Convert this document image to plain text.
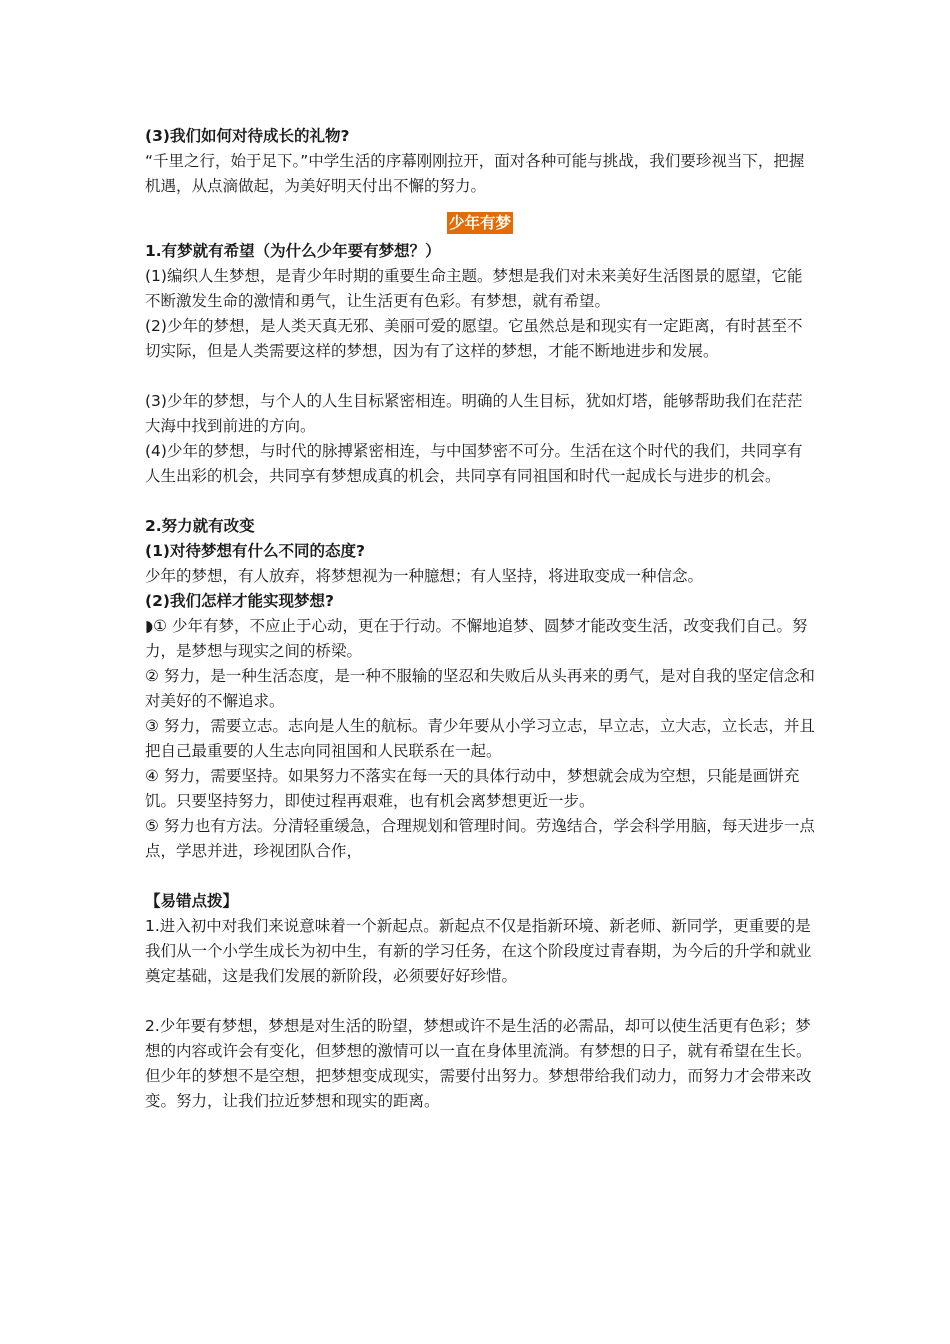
(3)我们如何对待成长的礼物?

“千里之行，始于足下。”中学生活的序幕刚刚拉开，面对各种可能与挑战，我们要珍视当下，把握机遇，从点滴做起，为美好明天付出不懈的努力。

少年有梦

1.有梦就有希望（为什么少年要有梦想？）

(1)编织人生梦想，是青少年时期的重要生命主题。梦想是我们对未来美好生活图景的愿望，它能不断激发生命的激情和勇气，让生活更有色彩。有梦想，就有希望。

(2)少年的梦想，是人类天真无邪、美丽可爱的愿望。它虽然总是和现实有一定距离，有时甚至不切实际，但是人类需要这样的梦想，因为有了这样的梦想，才能不断地进步和发展。

(3)少年的梦想，与个人的人生目标紧密相连。明确的人生目标，犹如灯塔，能够帮助我们在茫茫大海中找到前进的方向。

(4)少年的梦想，与时代的脉搏紧密相连，与中国梦密不可分。生活在这个时代的我们，共同享有人生出彩的机会，共同享有梦想成真的机会，共同享有同祖国和时代一起成长与进步的机会。

2.努力就有改变

(1)对待梦想有什么不同的态度?

少年的梦想，有人放弃，将梦想视为一种臆想；有人坚持，将进取变成一种信念。

(2)我们怎样才能实现梦想?

◗① 少年有梦，不应止于心动，更在于行动。不懈地追梦、圆梦才能改变生活，改变我们自己。努力，是梦想与现实之间的桥梁。

② 努力，是一种生活态度，是一种不服输的坚忍和失败后从头再来的勇气，是对自我的坚定信念和对美好的不懈追求。

③ 努力，需要立志。志向是人生的航标。青少年要从小学习立志，早立志，立大志，立长志，并且把自己最重要的人生志向同祖国和人民联系在一起。

④ 努力，需要坚持。如果努力不落实在每一天的具体行动中，梦想就会成为空想，只能是画饼充饥。只要坚持努力，即使过程再艰难，也有机会离梦想更近一步。

⑤ 努力也有方法。分清轻重缓急，合理规划和管理时间。劳逸结合，学会科学用脑，每天进步一点点，学思并进，珍视团队合作，

【易错点拨】

1.进入初中对我们来说意味着一个新起点。新起点不仅是指新环境、新老师、新同学，更重要的是我们从一个小学生成长为初中生，有新的学习任务，在这个阶段度过青春期，为今后的升学和就业奠定基础，这是我们发展的新阶段，必须要好好珍惜。

2.少年要有梦想，梦想是对生活的盼望，梦想或许不是生活的必需品，却可以使生活更有色彩；梦想的内容或许会有变化，但梦想的激情可以一直在身体里流淌。有梦想的日子，就有希望在生长。但少年的梦想不是空想，把梦想变成现实，需要付出努力。梦想带给我们动力，而努力才会带来改变。努力，让我们拉近梦想和现实的距离。
